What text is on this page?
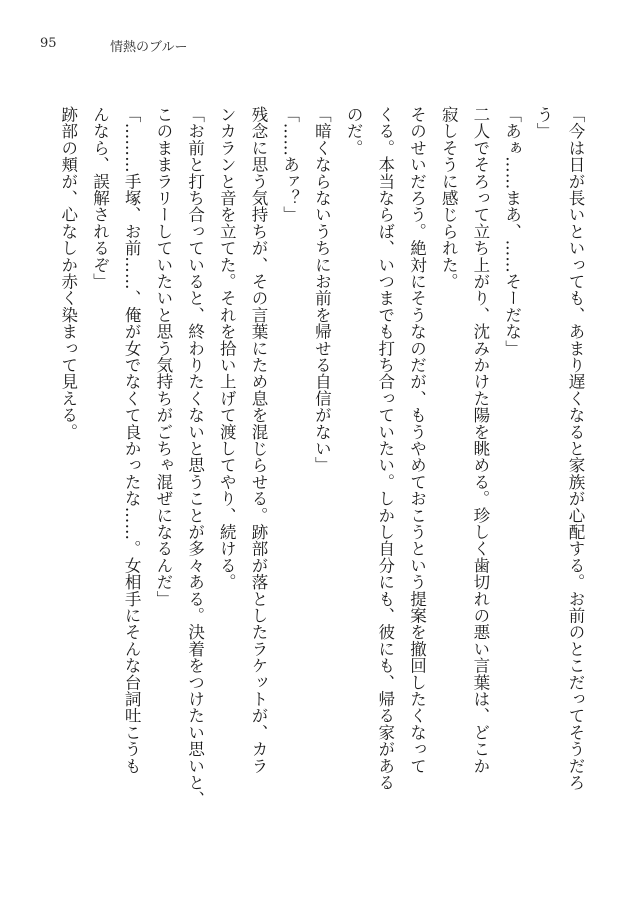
95	情熱のブルー
「今は日が長いといっても、あまり遅くなると家族が心配する。お前のとこだってそうだろ
う」
「あぁ……まあ、……そーだな」
二人でそろって立ち上がり、沈みかけた陽を眺める。珍しく歯切れの悪い言葉は、どこか
寂しそうに感じられた。
そのせいだろう。絶対にそうなのだが、もうやめておこうという提案を撤回したくなって
くる。本当ならば、いつまでも打ち合っていたい。しかし自分にも、彼にも、帰る家がある
のだ。
「暗くならないうちにお前を帰せる自信がない」
「……あァ？」
残念に思う気持ちが、その言葉にため息を混じらせる。跡部が落としたラケットが、カラ
ンカランと音を立てた。それを拾い上げて渡してやり、続ける。
「お前と打ち合っていると、終わりたくないと思うことが多々ある。決着をつけたい思いと、
このままラリーしていたいと思う気持ちがごちゃ混ぜになるんだ」
「………手塚、お前……、俺が女でなくて良かったな……。女相手にそんな台詞吐こうも
んなら、誤解されるぞ」
跡部の頬が、心なしか赤く染まって見える。
